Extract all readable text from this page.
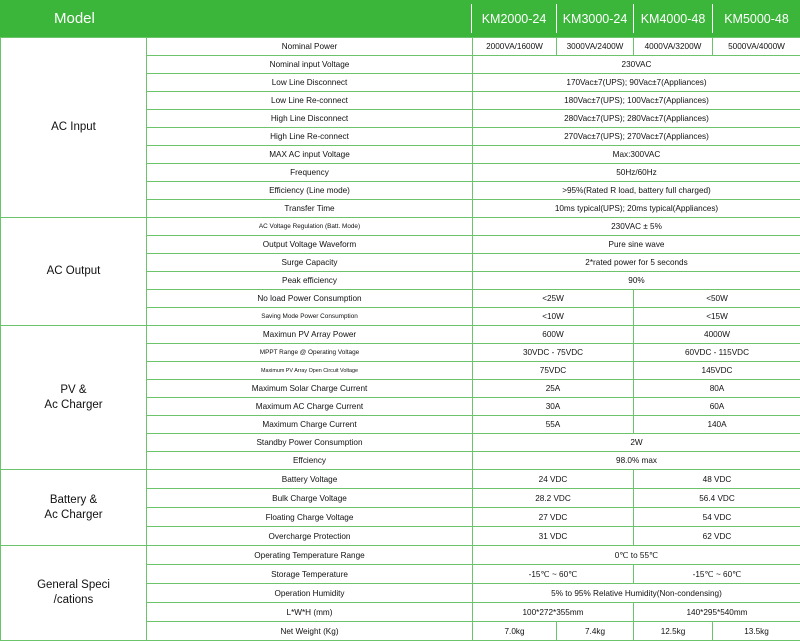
Model	KM2000-24	KM3000-24	KM4000-48	KM5000-48
AC Input	Nominal Power	2000VA/1600W	3000VA/2400W	4000VA/3200W	5000VA/4000W
	Nominal input Voltage	230VAC			
	Low Line Disconnect	170Vac±7(UPS); 90Vac±7(Appliances)			
	Low Line Re-connect	180Vac±7(UPS); 100Vac±7(Appliances)			
	High Line Disconnect	280Vac±7(UPS); 280Vac±7(Appliances)			
	High Line Re-connect	270Vac±7(UPS); 270Vac±7(Appliances)			
	MAX AC input Voltage	Max:300VAC			
	Frequency	50Hz/60Hz			
	Efficiency (Line mode)	>95%(Rated R load, battery full charged)			
	Transfer Time	10ms typical(UPS); 20ms typical(Appliances)			
AC Output	AC Voltage Regulation (Batt. Mode)	230VAC ± 5%			
	Output Voltage Waveform	Pure sine wave			
	Surge Capacity	2*rated power for 5 seconds			
	Peak efficiency	90%			
	No load Power Consumption	<25W		<50W	
	Saving Mode Power Consumption	<10W		<15W	
PV &
Ac Charger	Maximun PV Array Power	600W		4000W	
	MPPT Range @ Operating Voltage	30VDC - 75VDC		60VDC - 115VDC	
	Maximum PV Array Open Circuit Voltage	75VDC		145VDC	
	Maximum Solar Charge Current	25A		80A	
	Maximum AC Charge Current	30A		60A	
	Maximum Charge Current	55A		140A	
	Standby Power Consumption	2W			
	Effciency	98.0% max			
Battery &
Ac Charger	Battery Voltage	24 VDC		48 VDC	
	Bulk Charge Voltage	28.2 VDC		56.4 VDC	
	Floating Charge Voltage	27 VDC		54 VDC	
	Overcharge Protection	31 VDC		62 VDC	
General Speci
/cations	Operating Temperature Range	0℃ to 55℃			
	Storage Temperature	-15℃ ~ 60℃		-15℃ ~ 60℃	
	Operation Humidity	5% to 95% Relative Humidity(Non-condensing)			
	L*W*H (mm)	100*272*355mm		140*295*540mm	
	Net Weight (Kg)	7.0kg	7.4kg	12.5kg	13.5kg
